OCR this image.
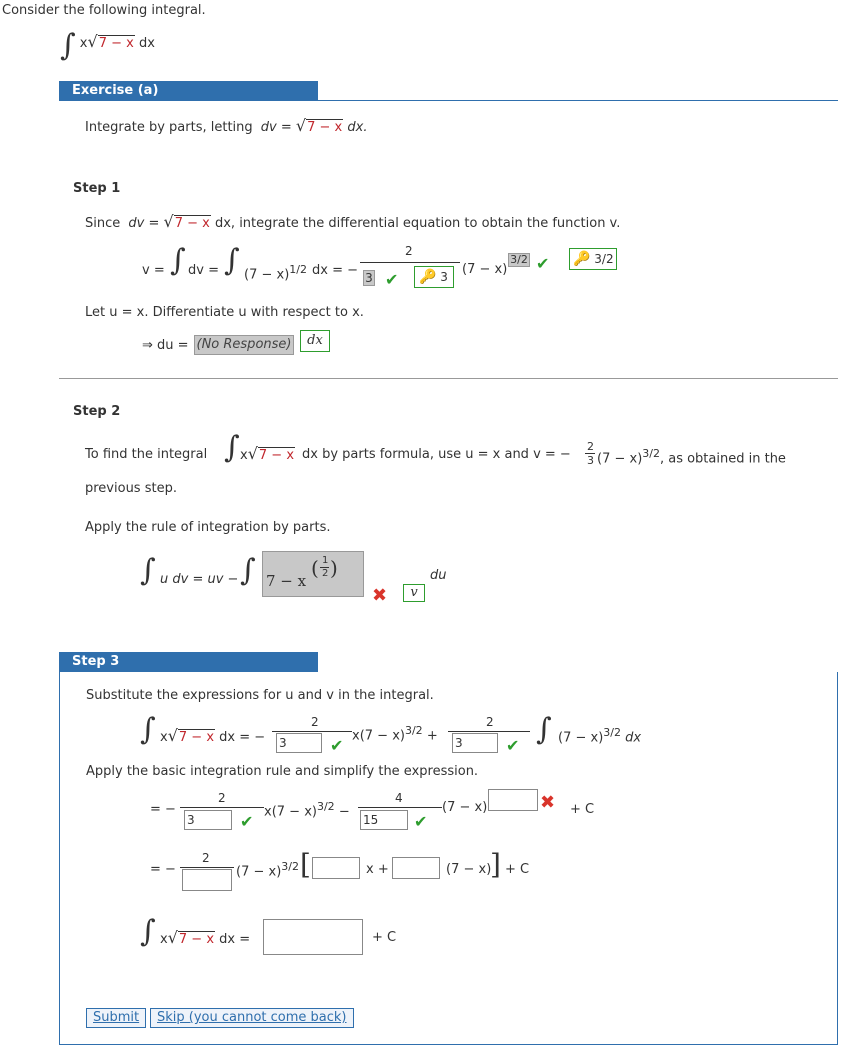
Consider the following integral.
∫ x√7 − x dx
Exercise (a)
Integrate by parts, letting dv = √7 − x dx.
Step 1
Since dv = √7 − x dx, integrate the differential equation to obtain the function v.
v = ∫ dv = ∫ $(7 - x)^{1/2}$ dx = −
2
3 ✔	🔑 3	(7 − x)
3/2 ✔ 🔑 3/2
Let u = x. Differentiate u with respect to x.
⇒ du = (No Response)	dx
Step 2
To find the integral ∫ x√7 − x dx by parts formula, use u = x and v = −
2
3 $(7 - x)^{3/2}$, as obtained in the
previous step.
Apply the rule of integration by parts.
∫ u dv = uv − ∫ 7 − x
( 1
2 )
✖
du
v
Step 3
Substitute the expressions for u and v in the integral.
∫ x√7 − x dx = −
2
3	✔
$x(7 - x)^{3/2}$ +
2
3	✔ ∫ $(7 - x)^{3/2}$ dx
Apply the basic integration rule and simplify the expression.
= −
2
3	✔
$x(7 - x)^{3/2}$ −
4
15	✔
(7 − x)	✖ + C
= −
2
$(7 - x)^{3/2}$ [	x +	(7 − x)
] + C
∫ x√7 − x dx =	+ C
Submit	Skip (you cannot come back)
